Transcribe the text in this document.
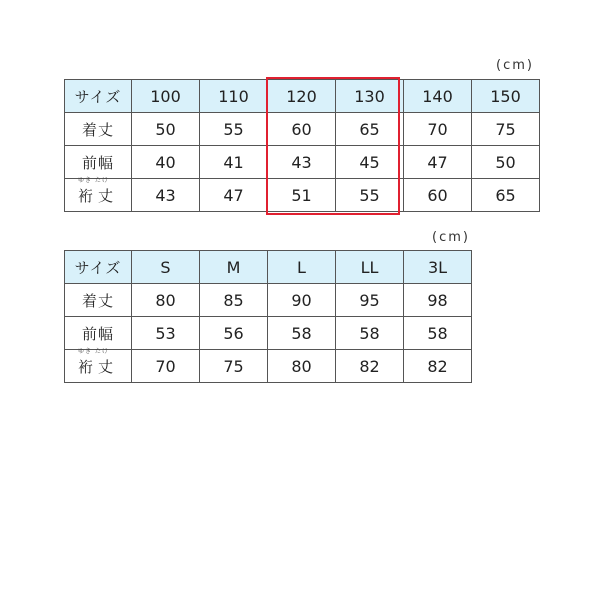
(cm)
サイズ	100	110	120	130	140	150
着丈	50	55	60	65	70	75
前幅	40	41	43	45	47	50

ゆき たけ
裄丈	43	47	51	55	60	65
(cm)
サイズ	S	M	L	LL	3L
着丈	80	85	90	95	98
前幅	53	56	58	58	58

ゆき たけ
裄丈	70	75	80	82	82
